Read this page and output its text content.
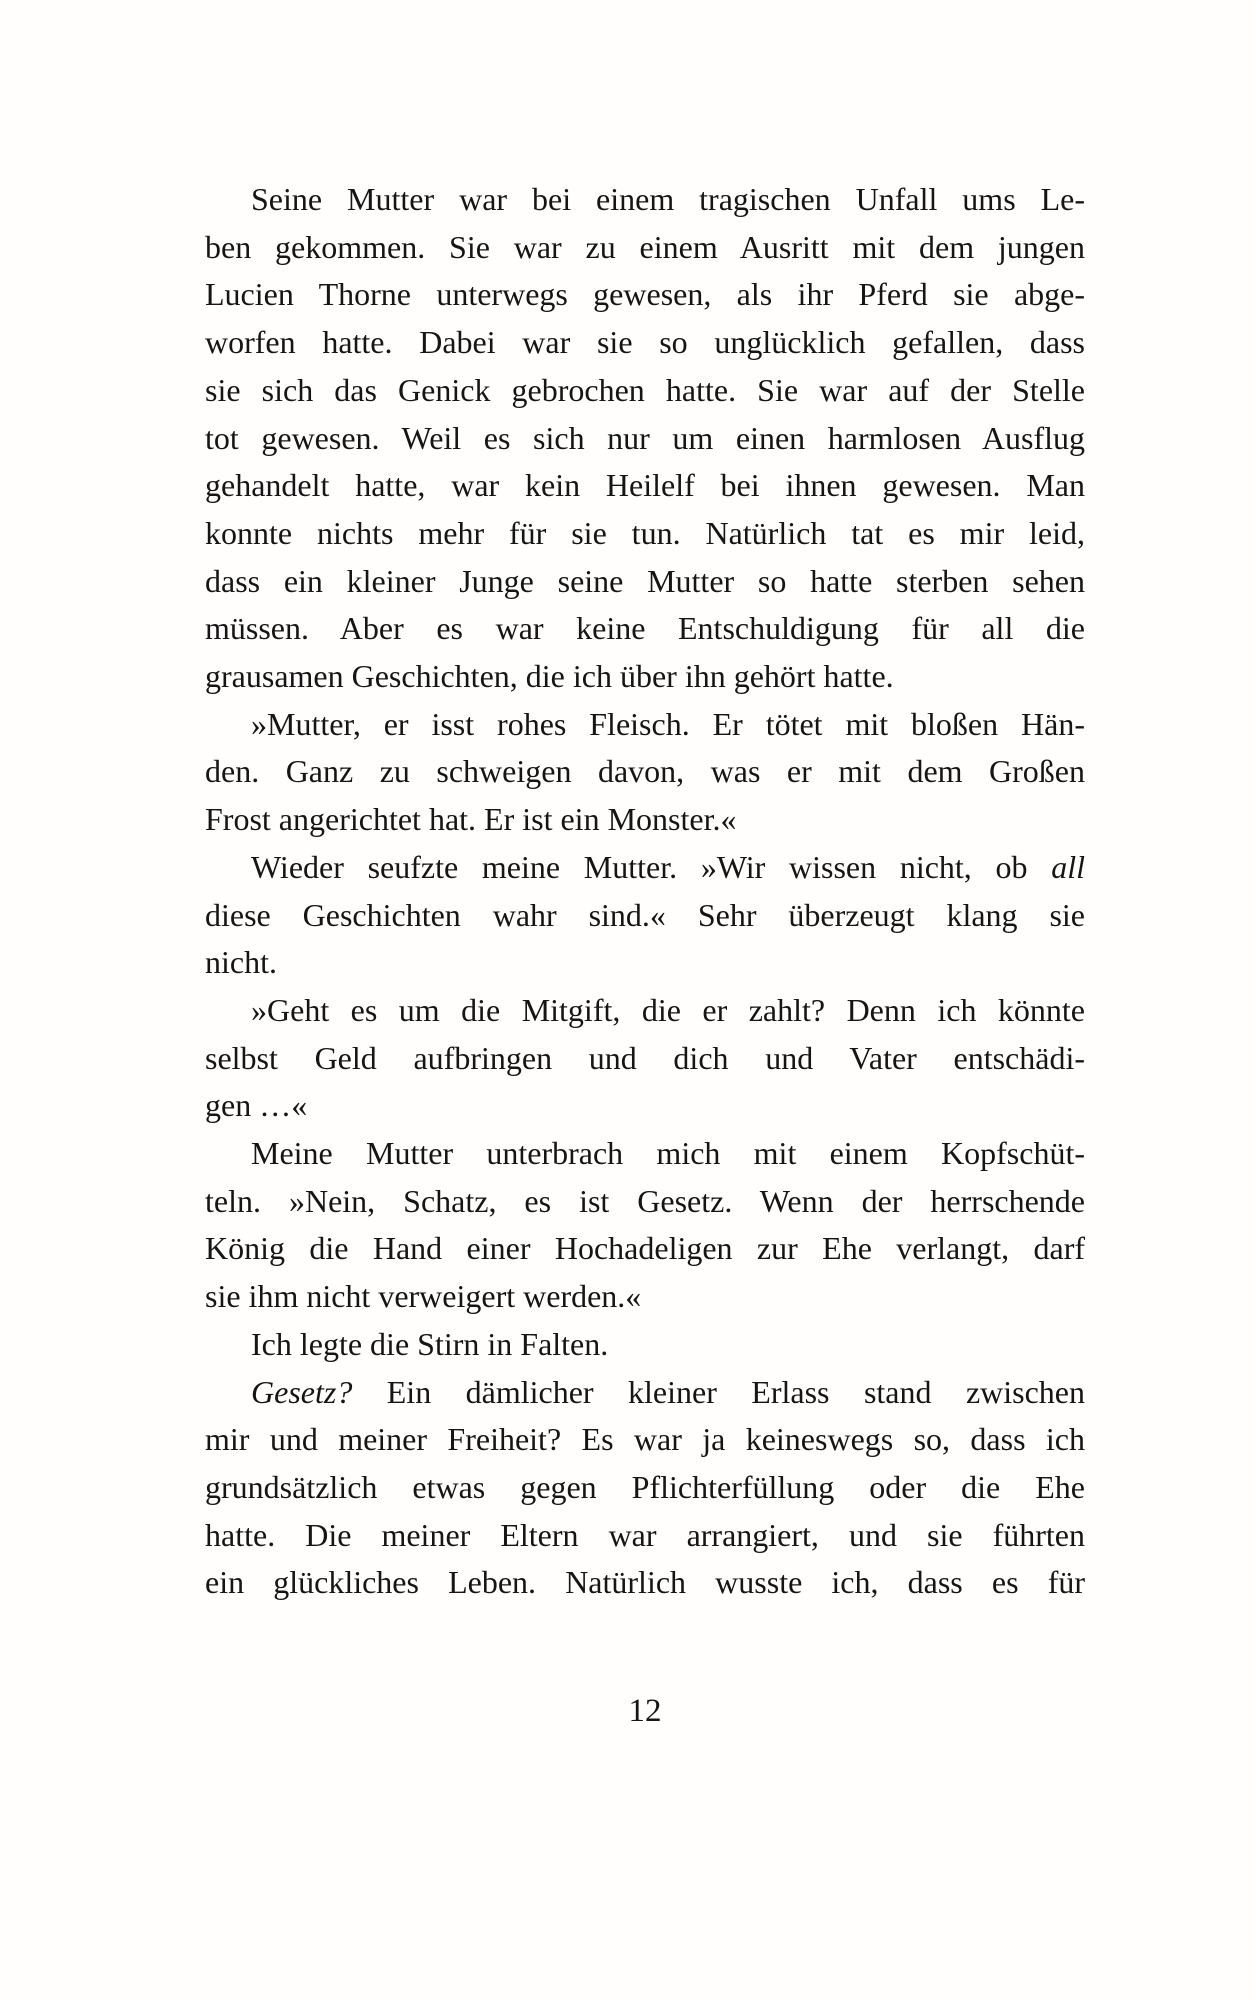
Seine Mutter war bei einem tragischen Unfall ums Le-
ben gekommen. Sie war zu einem Ausritt mit dem jungen
Lucien Thorne unterwegs gewesen, als ihr Pferd sie abge-
worfen hatte. Dabei war sie so unglücklich gefallen, dass
sie sich das Genick gebrochen hatte. Sie war auf der Stelle
tot gewesen. Weil es sich nur um einen harmlosen Ausflug
gehandelt hatte, war kein Heilelf bei ihnen gewesen. Man
konnte nichts mehr für sie tun. Natürlich tat es mir leid,
dass ein kleiner Junge seine Mutter so hatte sterben sehen
müssen. Aber es war keine Entschuldigung für all die
grausamen Geschichten, die ich über ihn gehört hatte.
»Mutter, er isst rohes Fleisch. Er tötet mit bloßen Hän-
den. Ganz zu schweigen davon, was er mit dem Großen
Frost angerichtet hat. Er ist ein Monster.«
Wieder seufzte meine Mutter. »Wir wissen nicht, ob all
diese Geschichten wahr sind.« Sehr überzeugt klang sie
nicht.
»Geht es um die Mitgift, die er zahlt? Denn ich könnte
selbst Geld aufbringen und dich und Vater entschädi-
gen …«
Meine Mutter unterbrach mich mit einem Kopfschüt-
teln. »Nein, Schatz, es ist Gesetz. Wenn der herrschende
König die Hand einer Hochadeligen zur Ehe verlangt, darf
sie ihm nicht verweigert werden.«
Ich legte die Stirn in Falten.
Gesetz? Ein dämlicher kleiner Erlass stand zwischen
mir und meiner Freiheit? Es war ja keineswegs so, dass ich
grundsätzlich etwas gegen Pflichterfüllung oder die Ehe
hatte. Die meiner Eltern war arrangiert, und sie führten
ein glückliches Leben. Natürlich wusste ich, dass es für
12
